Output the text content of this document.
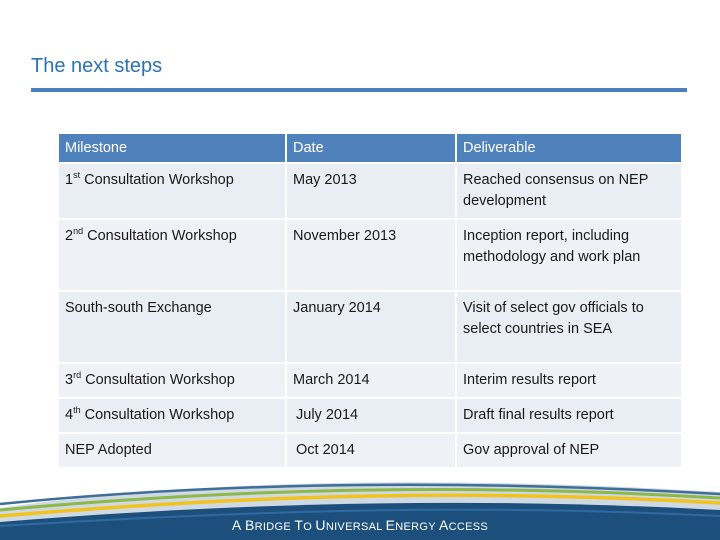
The next steps
Milestone	Date	Deliverable
1st Consultation Workshop	May 2013	Reached consensus on NEP development
2nd Consultation Workshop	November 2013	Inception report, including methodology and work plan
South-south Exchange	January 2014	Visit of select gov officials to select countries in SEA
3rd Consultation Workshop	March 2014	Interim results report
4th Consultation Workshop	July 2014	Draft final results report
NEP Adopted	Oct 2014	Gov approval of NEP
A BRIDGE TO UNIVERSAL ENERGY ACCESS
